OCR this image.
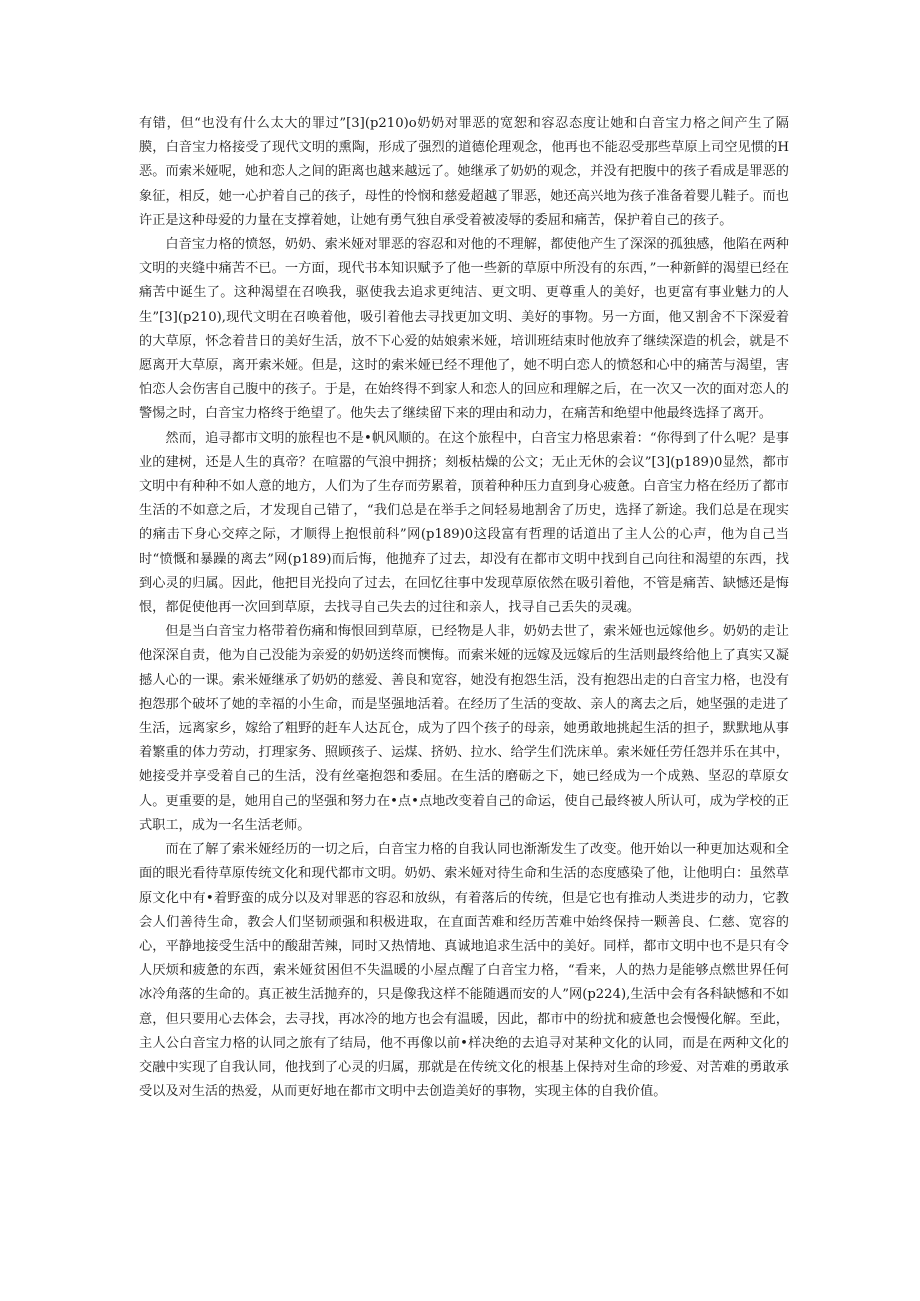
有错，但“也没有什么太大的罪过”[3](p210)o奶奶对罪恶的宽恕和容忍态度让她和白音宝力格之间产生了隔膜，白音宝力格接受了现代文明的熏陶，形成了强烈的道德伦理观念，他再也不能忍受那些草原上司空见惯的H恶。而索米娅呢，她和恋人之间的距离也越来越远了。她继承了奶奶的观念，并没有把腹中的孩子看成是罪恶的象征，相反，她一心护着自己的孩子，母性的怜悯和慈爱超越了罪恶，她还高兴地为孩子准备着婴儿鞋子。而也许正是这种母爱的力量在支撑着她，让她有勇气独自承受着被凌辱的委屈和痛苦，保护着自己的孩子。

白音宝力格的愤怒，奶奶、索米娅对罪恶的容忍和对他的不理解，都使他产生了深深的孤独感，他陷在两种文明的夹缝中痛苦不已。一方面，现代书本知识赋予了他一些新的草原中所没有的东西，”一种新鲜的渴望已经在痛苦中诞生了。这种渴望在召唤我，驱使我去追求更纯洁、更文明、更尊重人的美好，也更富有事业魅力的人生”[3](p210),现代文明在召唤着他，吸引着他去寻找更加文明、美好的事物。另一方面，他又割舍不下深爱着的大草原，怀念着昔日的美好生活，放不下心爱的姑娘索米娅，培训班结束时他放弃了继续深造的机会，就是不愿离开大草原，离开索米娅。但是，这时的索米娅已经不理他了，她不明白恋人的愤怒和心中的痛苦与渴望，害怕恋人会伤害自己腹中的孩子。于是，在始终得不到家人和恋人的回应和理解之后，在一次又一次的面对恋人的警惕之时，白音宝力格终于绝望了。他失去了继续留下来的理由和动力，在痛苦和绝望中他最终选择了离开。

然而，追寻都市文明的旅程也不是•帆风顺的。在这个旅程中，白音宝力格思索着：“你得到了什么呢？是事业的建树，还是人生的真帝？在喧嚣的气浪中拥挤；刻板枯燥的公文；无止无休的会议”[3](p189)0显然，都市文明中有种种不如人意的地方，人们为了生存而劳累着，顶着种种压力直到身心疲惫。白音宝力格在经历了都市生活的不如意之后，才发现自己错了，“我们总是在举手之间轻易地割舍了历史，选择了新途。我们总是在现实的痛击下身心交瘁之际，才顺得上抱恨前科”网(p189)0这段富有哲理的话道出了主人公的心声，他为自己当时“愤慨和暴躁的离去”网(p189)而后悔，他抛弃了过去，却没有在都市文明中找到自己向往和渴望的东西，找到心灵的归属。因此，他把目光投向了过去，在回忆往事中发现草原依然在吸引着他，不管是痛苦、缺憾还是悔恨，都促使他再一次回到草原，去找寻自己失去的过往和亲人，找寻自己丢失的灵魂。

但是当白音宝力格带着伤痛和悔恨回到草原，已经物是人非，奶奶去世了，索米娅也远嫁他乡。奶奶的走让他深深自责，他为自己没能为亲爱的奶奶送终而懊悔。而索米娅的远嫁及远嫁后的生活则最终给他上了真实又凝撼人心的一课。索米娅继承了奶奶的慈爱、善良和宽容，她没有抱怨生活，没有抱怨出走的白音宝力格，也没有抱怨那个破坏了她的幸福的小生命，而是坚强地活着。在经历了生活的变故、亲人的离去之后，她坚强的走进了生活，远离家乡，嫁给了粗野的赶车人达瓦仓，成为了四个孩子的母亲，她勇敢地挑起生活的担子，默默地从事着繁重的体力劳动，打理家务、照顾孩子、运煤、挤奶、拉水、给学生们洗床单。索米娅任劳任怨并乐在其中，她接受并享受着自己的生活，没有丝毫抱怨和委屈。在生活的磨砺之下，她已经成为一个成熟、坚忍的草原女人。更重要的是，她用自己的坚强和努力在•点•点地改变着自己的命运，使自己最终被人所认可，成为学校的正式职工，成为一名生活老师。

而在了解了索米娅经历的一切之后，白音宝力格的自我认同也渐渐发生了改变。他开始以一种更加达观和全面的眼光看待草原传统文化和现代都市文明。奶奶、索米娅对待生命和生活的态度感染了他，让他明白：虽然草原文化中有•着野蛮的成分以及对罪恶的容忍和放纵，有着落后的传统，但是它也有推动人类进步的动力，它教会人们善待生命，教会人们坚韧顽强和积极进取，在直面苦难和经历苦难中始终保持一颗善良、仁慈、宽容的心，平静地接受生活中的酸甜苦辣，同时又热情地、真诚地追求生活中的美好。同样，都市文明中也不是只有令人厌烦和疲惫的东西，索米娅贫困但不失温暖的小屋点醒了白音宝力格，“看来，人的热力是能够点燃世界任何冰冷角落的生命的。真正被生活抛弃的，只是像我这样不能随遇而安的人”网(p224),生活中会有各科缺憾和不如意，但只要用心去体会，去寻找，再冰冷的地方也会有温暖，因此，都市中的纷扰和疲惫也会慢慢化解。至此，主人公白音宝力格的认同之旅有了结局，他不再像以前•样决绝的去追寻对某种文化的认同，而是在两种文化的交融中实现了自我认同，他找到了心灵的归属，那就是在传统文化的根基上保持对生命的珍爱、对苦难的勇敢承受以及对生活的热爱，从而更好地在都市文明中去创造美好的事物，实现主体的自我价值。
